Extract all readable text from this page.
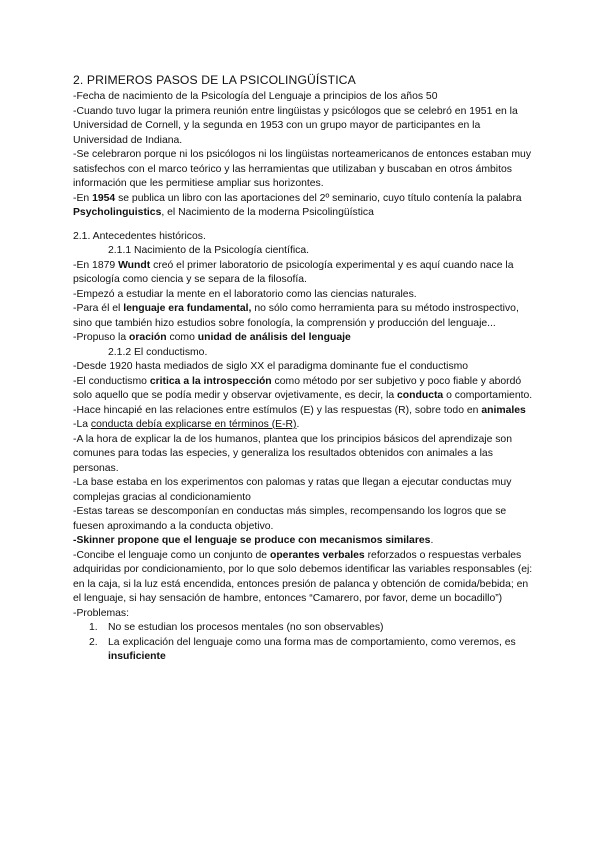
2. PRIMEROS PASOS DE LA PSICOLINGÜÍSTICA

-Fecha de nacimiento de la Psicología del Lenguaje a principios de los años 50

-Cuando tuvo lugar la primera reunión entre lingüistas y psicólogos que se celebró en 1951 en la Universidad de Cornell, y la segunda en 1953 con un grupo mayor de participantes en la Universidad de Indiana.

-Se celebraron porque ni los psicólogos ni los lingüistas norteamericanos de entonces estaban muy satisfechos con el marco teórico y las herramientas que utilizaban y buscaban en otros ámbitos información que les permitiese ampliar sus horizontes.

-En 1954 se publica un libro con las aportaciones del 2º seminario, cuyo título contenía la palabra Psycholinguistics, el Nacimiento de la moderna Psicolingüística

2.1. Antecedentes históricos.

2.1.1 Nacimiento de la Psicología científica.

-En 1879 Wundt creó el primer laboratorio de psicología experimental y es aquí cuando nace la psicología como ciencia y se separa de la filosofía.

-Empezó a estudiar la mente en el laboratorio como las ciencias naturales.

-Para él el lenguaje era fundamental, no sólo como herramienta para su método instrospectivo, sino que también hizo estudios sobre fonología, la comprensión y producción del lenguaje...

-Propuso la oración como unidad de análisis del lenguaje

2.1.2 El conductismo.

-Desde 1920 hasta mediados de siglo XX el paradigma dominante fue el conductismo

-El conductismo critica a la introspección como método por ser subjetivo y poco fiable y abordó solo aquello que se podía medir y observar ovjetivamente, es decir, la conducta o comportamiento.

-Hace hincapié en las relaciones entre estímulos (E) y las respuestas (R), sobre todo en animales

-La conducta debía explicarse en términos (E-R).

-A la hora de explicar la de los humanos, plantea que los principios básicos del aprendizaje son comunes para todas las especies, y generaliza los resultados obtenidos con animales a las personas.

-La base estaba en los experimentos con palomas y ratas que llegan a ejecutar conductas muy complejas gracias al condicionamiento

-Estas tareas se descomponían en conductas más simples, recompensando los logros que se fuesen aproximando a la conducta objetivo.

-Skinner propone que el lenguaje se produce con mecanismos similares.

-Concibe el lenguaje como un conjunto de operantes verbales reforzados o respuestas verbales adquiridas por condicionamiento, por lo que solo debemos identificar las variables responsables (ej: en la caja, si la luz está encendida, entonces presión de palanca y obtención de comida/bebida; en el lenguaje, si hay sensación de hambre, entonces “Camarero, por favor, deme un bocadillo”)

-Problemas:

1. No se estudian los procesos mentales (no son observables)
2. La explicación del lenguaje como una forma mas de comportamiento, como veremos, es insuficiente
